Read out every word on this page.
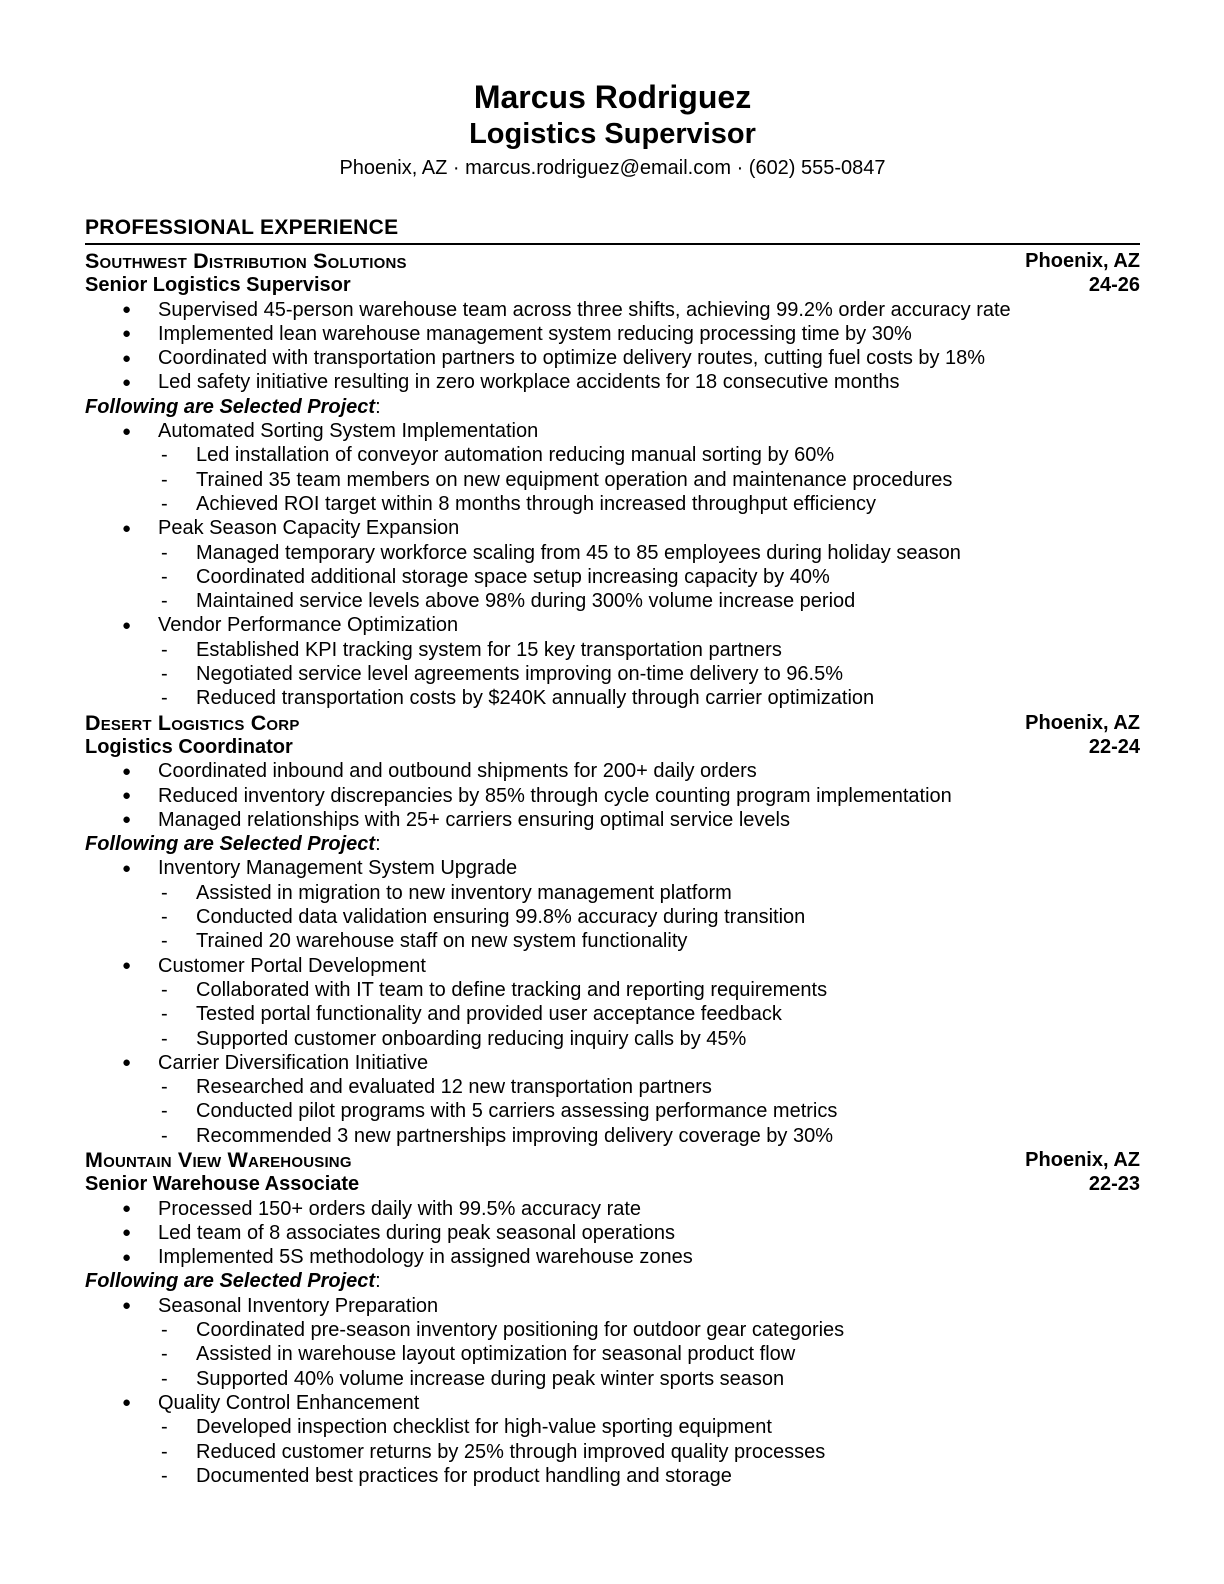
Marcus Rodriguez
Logistics Supervisor
Phoenix, AZ · marcus.rodriguez@email.com · (602) 555-0847
PROFESSIONAL EXPERIENCE
Southwest Distribution Solutions	Phoenix, AZ
Senior Logistics Supervisor	24-26
● Supervised 45-person warehouse team across three shifts, achieving 99.2% order accuracy rate
● Implemented lean warehouse management system reducing processing time by 30%
● Coordinated with transportation partners to optimize delivery routes, cutting fuel costs by 18%
● Led safety initiative resulting in zero workplace accidents for 18 consecutive months
Following are Selected Project:
● Automated Sorting System Implementation
- Led installation of conveyor automation reducing manual sorting by 60%
- Trained 35 team members on new equipment operation and maintenance procedures
- Achieved ROI target within 8 months through increased throughput efficiency
● Peak Season Capacity Expansion
- Managed temporary workforce scaling from 45 to 85 employees during holiday season
- Coordinated additional storage space setup increasing capacity by 40%
- Maintained service levels above 98% during 300% volume increase period
● Vendor Performance Optimization
- Established KPI tracking system for 15 key transportation partners
- Negotiated service level agreements improving on-time delivery to 96.5%
- Reduced transportation costs by $240K annually through carrier optimization
Desert Logistics Corp	Phoenix, AZ
Logistics Coordinator	22-24
● Coordinated inbound and outbound shipments for 200+ daily orders
● Reduced inventory discrepancies by 85% through cycle counting program implementation
● Managed relationships with 25+ carriers ensuring optimal service levels
Following are Selected Project:
● Inventory Management System Upgrade
- Assisted in migration to new inventory management platform
- Conducted data validation ensuring 99.8% accuracy during transition
- Trained 20 warehouse staff on new system functionality
● Customer Portal Development
- Collaborated with IT team to define tracking and reporting requirements
- Tested portal functionality and provided user acceptance feedback
- Supported customer onboarding reducing inquiry calls by 45%
● Carrier Diversification Initiative
- Researched and evaluated 12 new transportation partners
- Conducted pilot programs with 5 carriers assessing performance metrics
- Recommended 3 new partnerships improving delivery coverage by 30%
Mountain View Warehousing	Phoenix, AZ
Senior Warehouse Associate	22-23
● Processed 150+ orders daily with 99.5% accuracy rate
● Led team of 8 associates during peak seasonal operations
● Implemented 5S methodology in assigned warehouse zones
Following are Selected Project:
● Seasonal Inventory Preparation
- Coordinated pre-season inventory positioning for outdoor gear categories
- Assisted in warehouse layout optimization for seasonal product flow
- Supported 40% volume increase during peak winter sports season
● Quality Control Enhancement
- Developed inspection checklist for high-value sporting equipment
- Reduced customer returns by 25% through improved quality processes
- Documented best practices for product handling and storage
